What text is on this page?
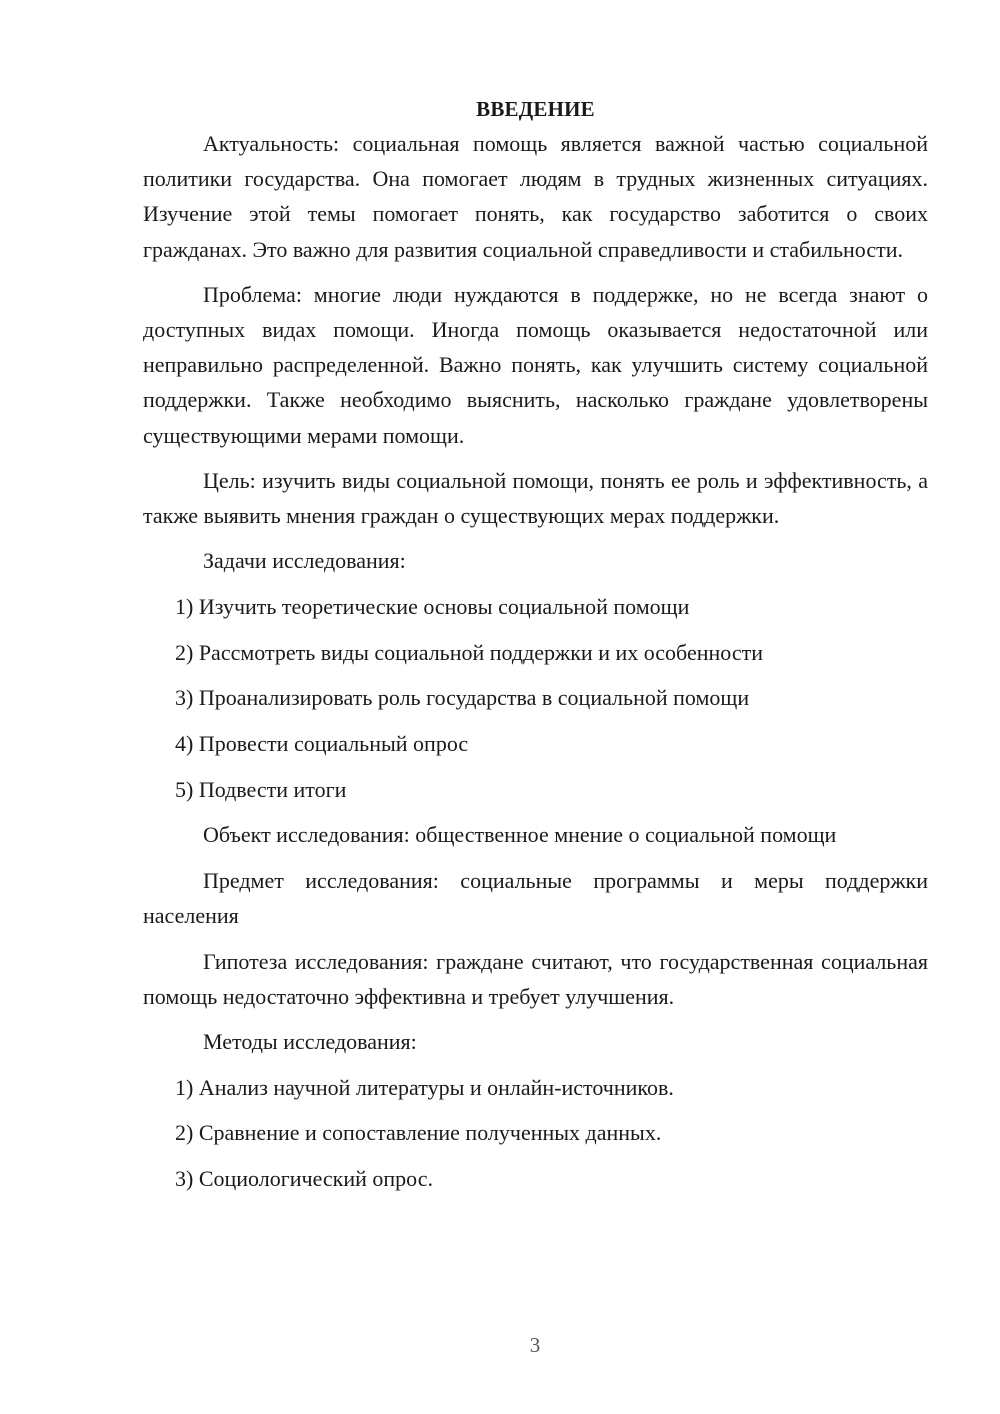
ВВЕДЕНИЕ

Актуальность: социальная помощь является важной частью социальной политики государства. Она помогает людям в трудных жизненных ситуациях. Изучение этой темы помогает понять, как государство заботится о своих гражданах. Это важно для развития социальной справедливости и стабильности.

Проблема: многие люди нуждаются в поддержке, но не всегда знают о доступных видах помощи. Иногда помощь оказывается недостаточной или неправильно распределенной. Важно понять, как улучшить систему социальной поддержки. Также необходимо выяснить, насколько граждане удовлетворены существующими мерами помощи.

Цель: изучить виды социальной помощи, понять ее роль и эффективность, а также выявить мнения граждан о существующих мерах поддержки.

Задачи исследования:

1) Изучить теоретические основы социальной помощи
2) Рассмотреть виды социальной поддержки и их особенности
3) Проанализировать роль государства в социальной помощи
4) Провести социальный опрос
5) Подвести итоги

Объект исследования: общественное мнение о социальной помощи

Предмет исследования: социальные программы и меры поддержки населения

Гипотеза исследования: граждане считают, что государственная социальная помощь недостаточно эффективна и требует улучшения.

Методы исследования:

1) Анализ научной литературы и онлайн-источников.
2) Сравнение и сопоставление полученных данных.
3) Социологический опрос.
3
